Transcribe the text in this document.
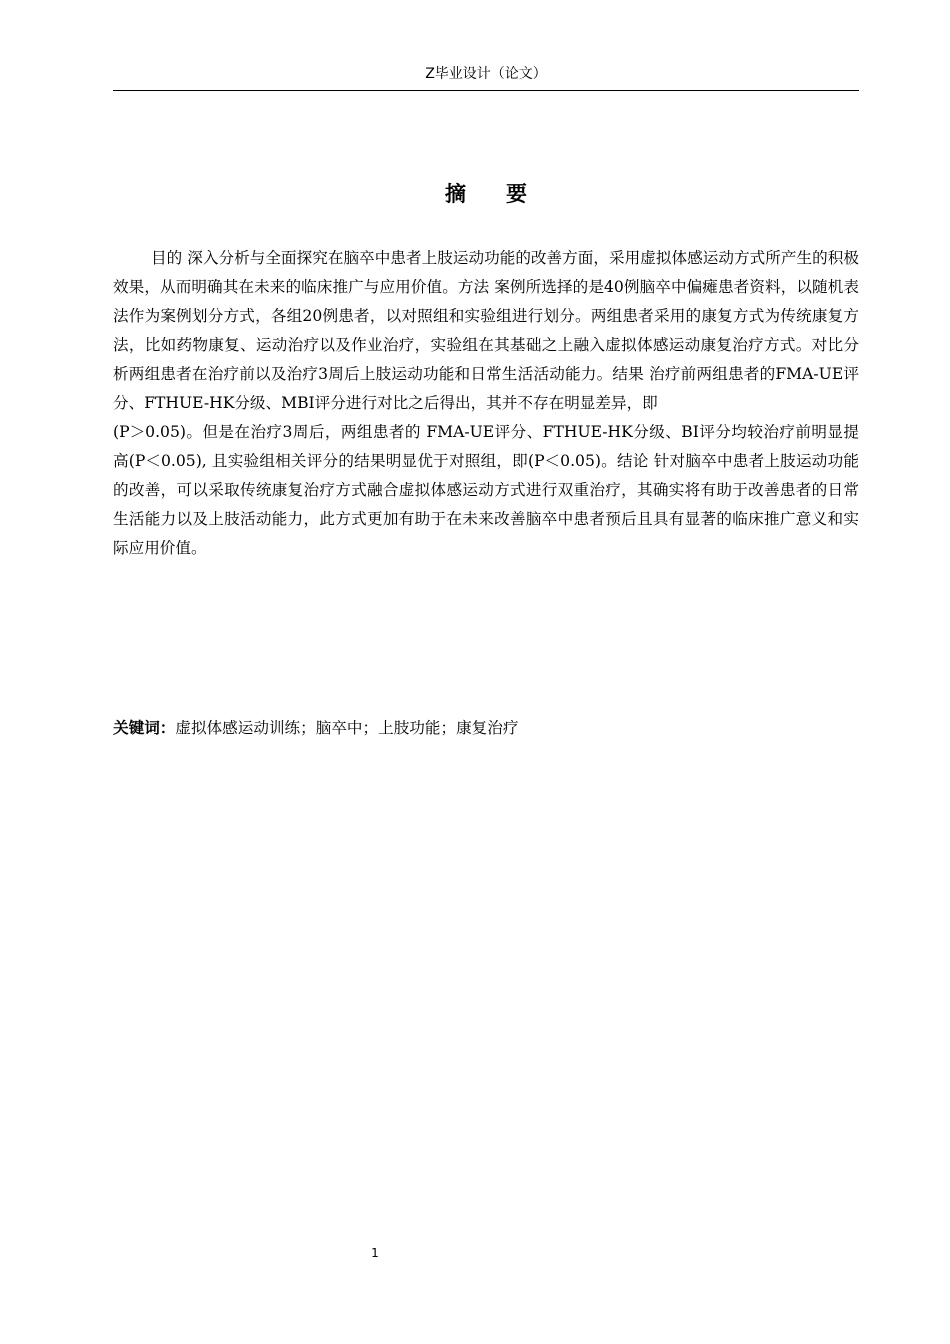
Z毕业设计（论文）
摘要

目的 深入分析与全面探究在脑卒中患者上肢运动功能的改善方面，采用虚拟体感运动方式所产生的积极效果，从而明确其在未来的临床推广与应用价值。方法 案例所选择的是40例脑卒中偏瘫患者资料，以随机表法作为案例划分方式，各组20例患者，以对照组和实验组进行划分。两组患者采用的康复方式为传统康复方法，比如药物康复、运动治疗以及作业治疗，实验组在其基础之上融入虚拟体感运动康复治疗方式。对比分析两组患者在治疗前以及治疗3周后上肢运动功能和日常生活活动能力。结果 治疗前两组患者的FMA-UE评分、FTHUE-HK分级、MBI评分进行对比之后得出，其并不存在明显差异，即

(P＞0.05)。但是在治疗3周后，两组患者的 FMA-UE评分、FTHUE-HK分级、BI评分均较治疗前明显提高(P＜0.05), 且实验组相关评分的结果明显优于对照组，即(P＜0.05)。结论 针对脑卒中患者上肢运动功能的改善，可以采取传统康复治疗方式融合虚拟体感运动方式进行双重治疗，其确实将有助于改善患者的日常生活能力以及上肢活动能力，此方式更加有助于在未来改善脑卒中患者预后且具有显著的临床推广意义和实际应用价值。

关键词：虚拟体感运动训练；脑卒中；上肢功能；康复治疗
1
